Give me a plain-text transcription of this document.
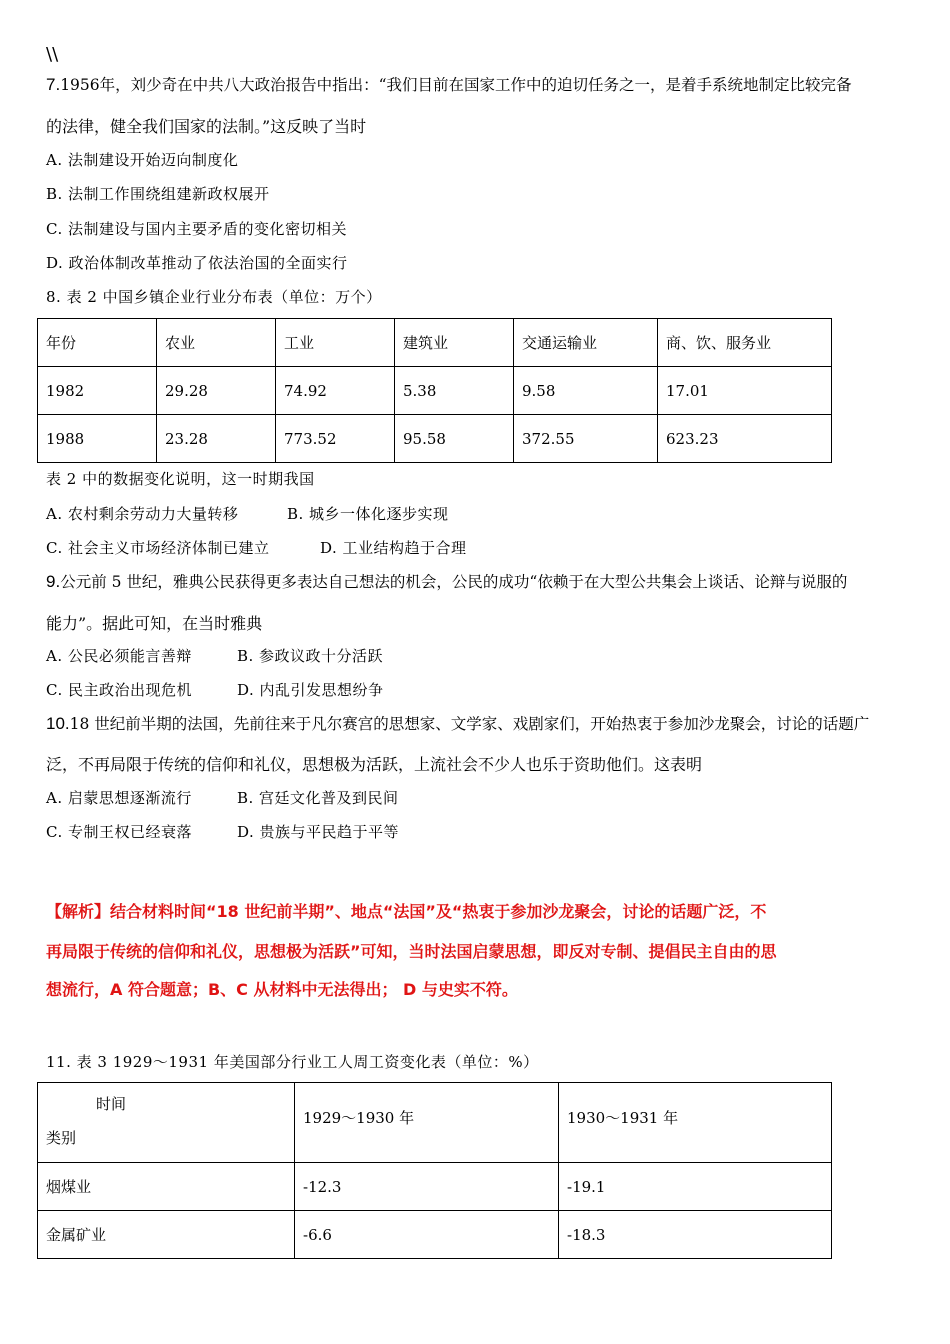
\\
7.1956年，刘少奇在中共八大政治报告中指出：“我们目前在国家工作中的迫切任务之一，是着手系统地制定比较完备
的法律，健全我们国家的法制。”这反映了当时
A. 法制建设开始迈向制度化
B. 法制工作围绕组建新政权展开
C. 法制建设与国内主要矛盾的变化密切相关
D. 政治体制改革推动了依法治国的全面实行
8. 表 2 中国乡镇企业行业分布表（单位：万个）
年份	农业	工业	建筑业	交通运输业	商、饮、服务业
1982	29.28	74.92	5.38	9.58	17.01
1988	23.28	773.52	95.58	372.55	623.23
表 2 中的数据变化说明，这一时期我国
A. 农村剩余劳动力大量转移	B. 城乡一体化逐步实现
C. 社会主义市场经济体制已建立	D. 工业结构趋于合理
9.公元前 5 世纪，雅典公民获得更多表达自己想法的机会，公民的成功“依赖于在大型公共集会上谈话、论辩与说服的
能力”。据此可知，在当时雅典
A. 公民必须能言善辩	B. 参政议政十分活跃
C. 民主政治出现危机	D. 内乱引发思想纷争
10.18 世纪前半期的法国，先前往来于凡尔赛宫的思想家、文学家、戏剧家们，开始热衷于参加沙龙聚会，讨论的话题广
泛，不再局限于传统的信仰和礼仪，思想极为活跃，上流社会不少人也乐于资助他们。这表明
A. 启蒙思想逐渐流行	B. 宫廷文化普及到民间
C. 专制王权已经衰落	D. 贵族与平民趋于平等
【解析】结合材料时间“18 世纪前半期”、地点“法国”及“热衷于参加沙龙聚会，讨论的话题广泛，不
再局限于传统的信仰和礼仪，思想极为活跃”可知，当时法国启蒙思想，即反对专制、提倡民主自由的思
想流行，A 符合题意；B、C 从材料中无法得出； D 与史实不符。
11. 表 3 1929～1931 年美国部分行业工人周工资变化表（单位：%）
时间
类别	1929～1930 年	1930～1931 年
烟煤业	-12.3	-19.1
金属矿业	-6.6	-18.3
